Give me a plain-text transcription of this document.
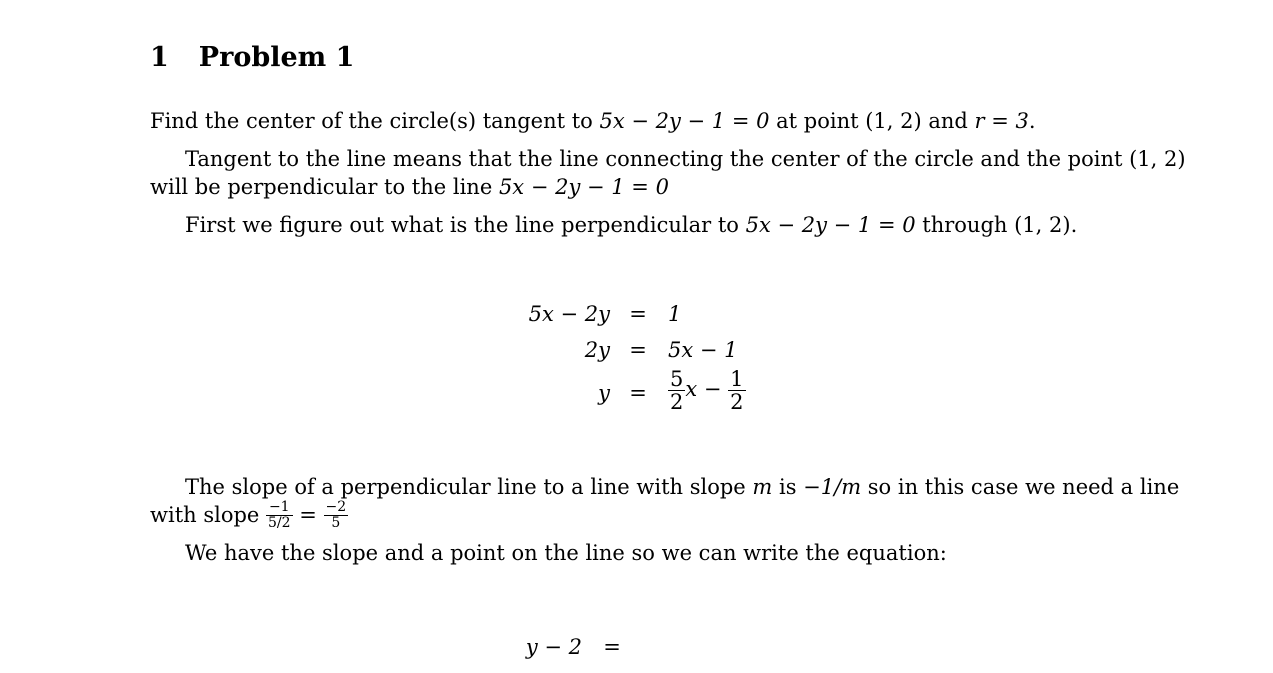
1 Problem 1
Find the center of the circle(s) tangent to 5x − 2y − 1 = 0 at point (1, 2) and r = 3.
Tangent to the line means that the line connecting the center of the circle and the point (1, 2)
will be perpendicular to the line 5x − 2y − 1 = 0
First we figure out what is the line perpendicular to 5x − 2y − 1 = 0 through (1, 2).
5x − 2y = 1
2y = 5x − 1
$y = \frac{5}{2}$ $x - \frac{1}{2}$
The slope of a perpendicular line to a line with slope m is −1/m so in this case we need a line
with slope $\frac{-1}{5/2} = \frac{-2}{5}$
We have the slope and a point on the line so we can write the equation:
y − 2 =
